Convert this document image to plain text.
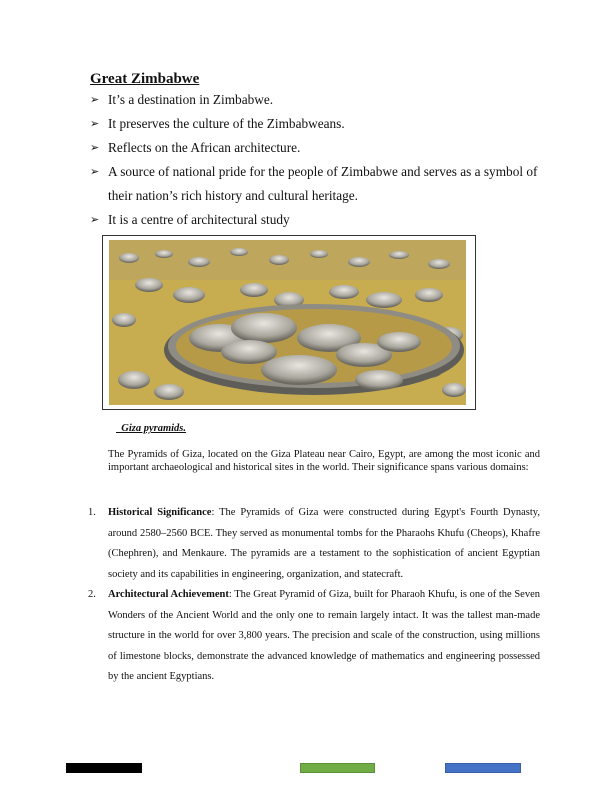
Great Zimbabwe
➢ It’s a destination in Zimbabwe.
➢ It preserves the culture of the Zimbabweans.
➢ Reflects on the African architecture.
➢ A source of national pride for the people of Zimbabwe and serves as a symbol of their nation’s rich history and cultural heritage.
➢ It is a centre of architectural study
Giza pyramids.

The Pyramids of Giza, located on the Giza Plateau near Cairo, Egypt, are among the most iconic and important archaeological and historical sites in the world. Their significance spans various domains:

1. Historical Significance: The Pyramids of Giza were constructed during Egypt's Fourth Dynasty, around 2580–2560 BCE. They served as monumental tombs for the Pharaohs Khufu (Cheops), Khafre (Chephren), and Menkaure. The pyramids are a testament to the sophistication of ancient Egyptian society and its capabilities in engineering, organization, and statecraft.
2. Architectural Achievement: The Great Pyramid of Giza, built for Pharaoh Khufu, is one of the Seven Wonders of the Ancient World and the only one to remain largely intact. It was the tallest man-made structure in the world for over 3,800 years. The precision and scale of the construction, using millions of limestone blocks, demonstrate the advanced knowledge of mathematics and engineering possessed by the ancient Egyptians.
